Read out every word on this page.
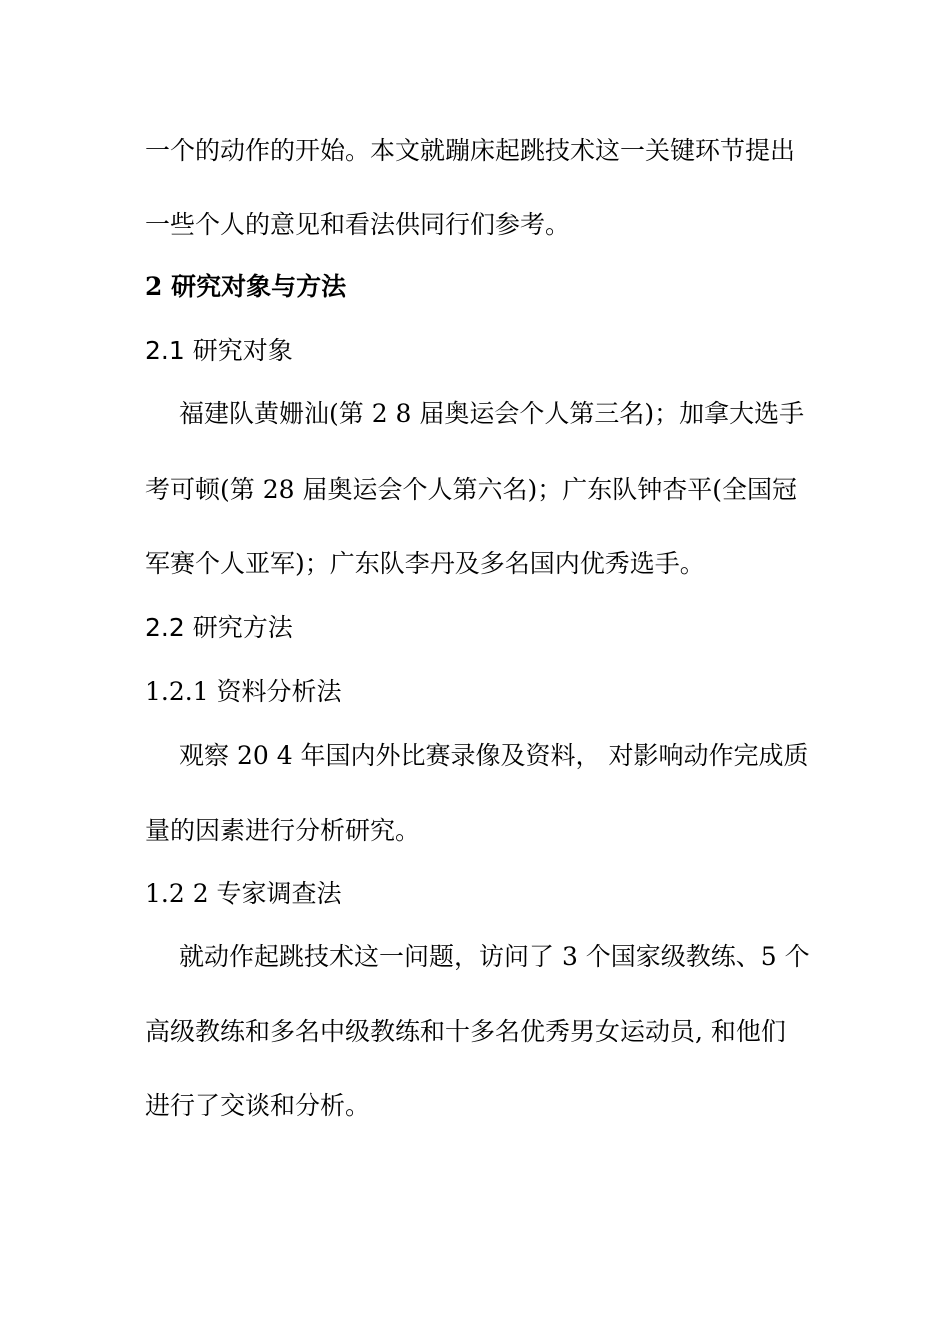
一个的动作的开始。本文就蹦床起跳技术这一关键环节提出
一些个人的意见和看法供同行们参考。
2 研究对象与方法
2.1 研究对象
福建队黄姗汕(第 2 8 届奥运会个人第三名)；加拿大选手
考可顿(第 28 届奥运会个人第六名)；广东队钟杏平(全国冠
军赛个人亚军)；广东队李丹及多名国内优秀选手。
2.2 研究方法
1.2.1 资料分析法
观察 20 4 年国内外比赛录像及资料， 对影响动作完成质
量的因素进行分析研究。
1.2 2 专家调查法
就动作起跳技术这一问题，访问了 3 个国家级教练、5 个
高级教练和多名中级教练和十多名优秀男女运动员, 和他们
进行了交谈和分析。
